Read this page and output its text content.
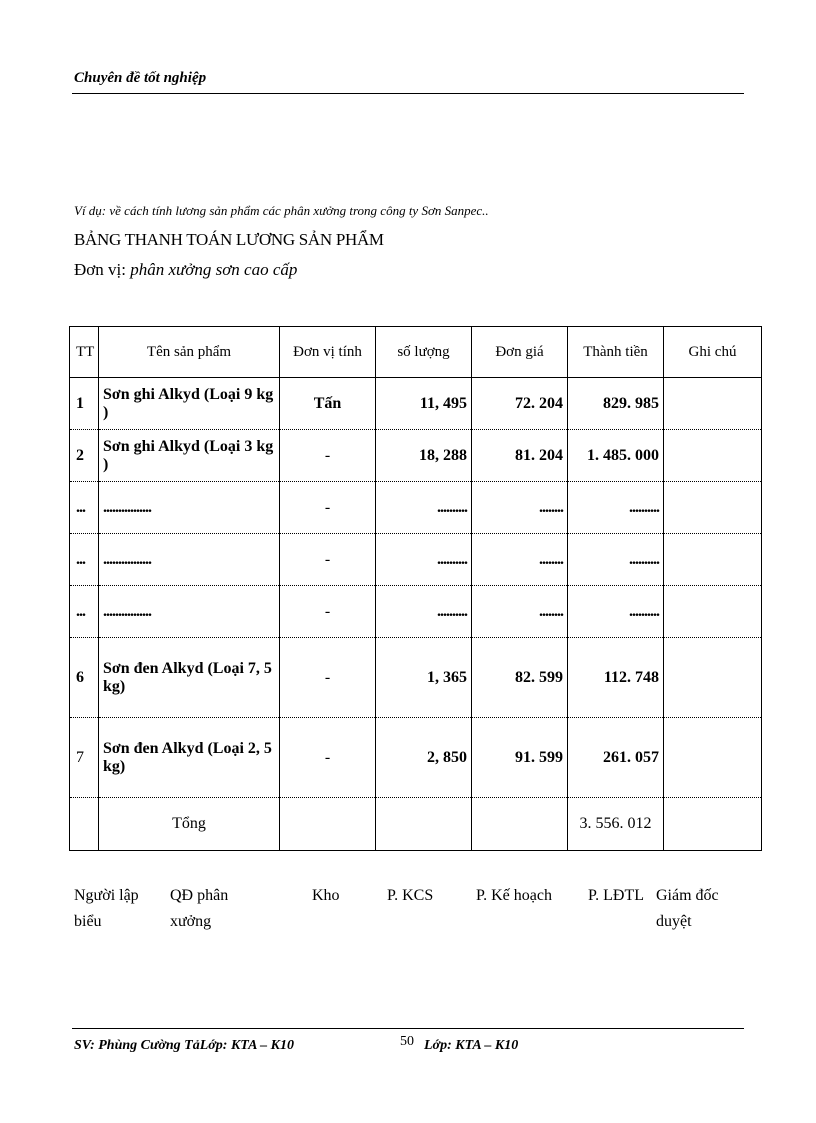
Chuyên đề tốt nghiệp
Ví dụ: về cách tính lương sản phẩm các phân xưởng trong công ty Sơn Sanpec..
BẢNG THANH TOÁN LƯƠNG SẢN PHẨM
Đơn vị: phân xưởng sơn cao cấp
TT	Tên sản phẩm	Đơn vị tính	số lượng	Đơn giá	Thành tiền	Ghi chú
1	Sơn ghi Alkyd (Loại 9 kg )	Tấn	11, 495	72. 204	829. 985	
2	Sơn ghi Alkyd (Loại 3 kg )	-	18, 288	81. 204	1. 485. 000	
...	................	-	..........	........	..........	
...	................	-	..........	........	..........	
...	................	-	..........	........	..........	
6	Sơn đen Alkyd (Loại 7, 5 kg)	-	1, 365	82. 599	112. 748	
7	Sơn đen Alkyd (Loại 2, 5 kg)	-	2, 850	91. 599	261. 057	
	Tổng				3. 556. 012	
Người lập biểu
QĐ phân xưởng
Kho	P. KCS	P. Kế hoạch P. LĐTL Giám đốc duyệt
SV: Phùng Cường TảLớp: KTA – K10	50 Lớp: KTA – K10
